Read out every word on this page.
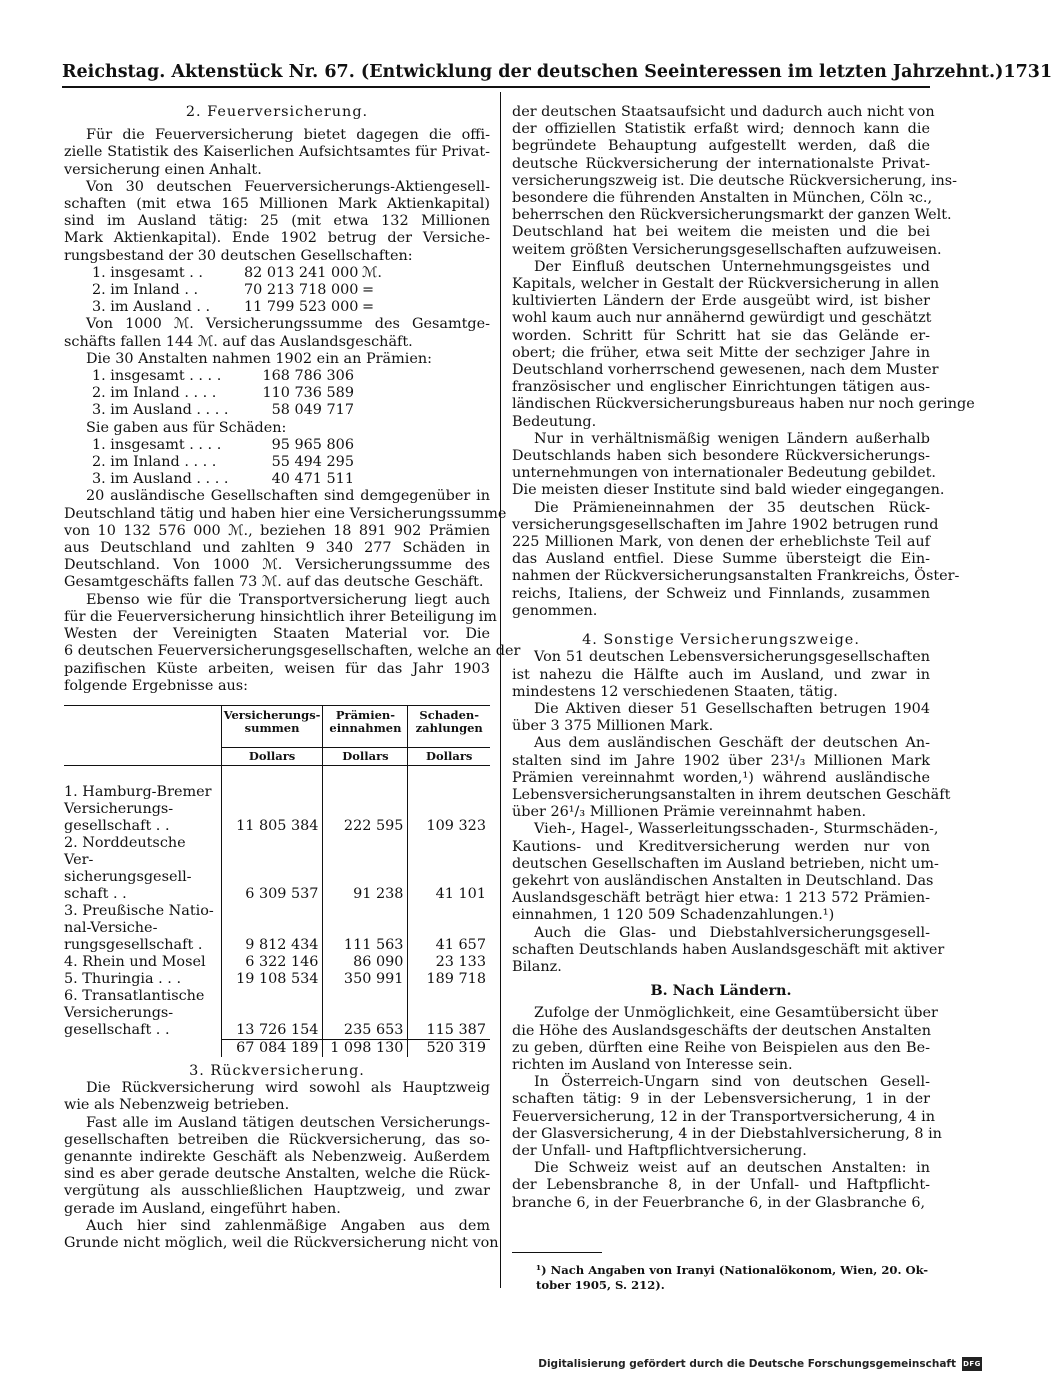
Reichstag. Aktenstück Nr. 67. (Entwicklung der deutschen Seeinteressen im letzten Jahrzehnt.) 1731
2. Feuerversicherung.
Für die Feuerversicherung bietet dagegen die offi-
zielle Statistik des Kaiserlichen Aufsichtsamtes für Privat-
versicherung einen Anhalt.
Von 30 deutschen Feuerversicherungs-Aktiengesell-
schaften (mit etwa 165 Millionen Mark Aktienkapital)
sind im Ausland tätig: 25 (mit etwa 132 Millionen
Mark Aktienkapital). Ende 1902 betrug der Versiche-
rungsbestand der 30 deutschen Gesellschaften:
1. insgesamt . .	82 013 241 000 ℳ.
2. im Inland . .	70 213 718 000 =
3. im Ausland . .	11 799 523 000 =
Von 1000 ℳ. Versicherungssumme des Gesamtge-
schäfts fallen 144 ℳ. auf das Auslandsgeschäft.
Die 30 Anstalten nahmen 1902 ein an Prämien:
1. insgesamt . . . .	168 786 306
2. im Inland . . . .	110 736 589
3. im Ausland . . . .	58 049 717
Sie gaben aus für Schäden:
1. insgesamt . . . .	95 965 806
2. im Inland . . . .	55 494 295
3. im Ausland . . . .	40 471 511
20 ausländische Gesellschaften sind demgegenüber in
Deutschland tätig und haben hier eine Versicherungssumme
von 10 132 576 000 ℳ., beziehen 18 891 902 Prämien
aus Deutschland und zahlten 9 340 277 Schäden in
Deutschland. Von 1000 ℳ. Versicherungssumme des
Gesamtgeschäfts fallen 73 ℳ. auf das deutsche Geschäft.
Ebenso wie für die Transportversicherung liegt auch
für die Feuerversicherung hinsichtlich ihrer Beteiligung im
Westen der Vereinigten Staaten Material vor. Die
6 deutschen Feuerversicherungsgesellschaften, welche an der
pazifischen Küste arbeiten, weisen für das Jahr 1903
folgende Ergebnisse aus:
	Versicherungs-summen	Prämien-einnahmen	Schaden-zahlungen
	Dollars	Dollars	Dollars

1. Hamburg-Bremer Versicherungs-gesellschaft . .	11 805 384	222 595	109 323
2. Norddeutsche Ver-sicherungsgesell-schaft . .	6 309 537	91 238	41 101
3. Preußische Natio-nal-Versiche-rungsgesellschaft .	9 812 434	111 563	41 657
4. Rhein und Mosel	6 322 146	86 090	23 133
5. Thuringia . . .	19 108 534	350 991	189 718
6. Transatlantische Versicherungs-gesellschaft . .	13 726 154	235 653	115 387
	67 084 189	1 098 130	520 319
3. Rückversicherung.
Die Rückversicherung wird sowohl als Hauptzweig
wie als Nebenzweig betrieben.
Fast alle im Ausland tätigen deutschen Versicherungs-
gesellschaften betreiben die Rückversicherung, das so-
genannte indirekte Geschäft als Nebenzweig. Außerdem
sind es aber gerade deutsche Anstalten, welche die Rück-
vergütung als ausschließlichen Hauptzweig, und zwar
gerade im Ausland, eingeführt haben.
Auch hier sind zahlenmäßige Angaben aus dem
Grunde nicht möglich, weil die Rückversicherung nicht von
der deutschen Staatsaufsicht und dadurch auch nicht von
der offiziellen Statistik erfaßt wird; dennoch kann die
begründete Behauptung aufgestellt werden, daß die
deutsche Rückversicherung der internationalste Privat-
versicherungszweig ist. Die deutsche Rückversicherung, ins-
besondere die führenden Anstalten in München, Cöln ꝛc.,
beherrschen den Rückversicherungsmarkt der ganzen Welt.
Deutschland hat bei weitem die meisten und die bei
weitem größten Versicherungsgesellschaften aufzuweisen.
Der Einfluß deutschen Unternehmungsgeistes und
Kapitals, welcher in Gestalt der Rückversicherung in allen
kultivierten Ländern der Erde ausgeübt wird, ist bisher
wohl kaum auch nur annähernd gewürdigt und geschätzt
worden. Schritt für Schritt hat sie das Gelände er-
obert; die früher, etwa seit Mitte der sechziger Jahre in
Deutschland vorherrschend gewesenen, nach dem Muster
französischer und englischer Einrichtungen tätigen aus-
ländischen Rückversicherungsbureaus haben nur noch geringe
Bedeutung.
Nur in verhältnismäßig wenigen Ländern außerhalb
Deutschlands haben sich besondere Rückversicherungs-
unternehmungen von internationaler Bedeutung gebildet.
Die meisten dieser Institute sind bald wieder eingegangen.
Die Prämieneinnahmen der 35 deutschen Rück-
versicherungsgesellschaften im Jahre 1902 betrugen rund
225 Millionen Mark, von denen der erheblichste Teil auf
das Ausland entfiel. Diese Summe übersteigt die Ein-
nahmen der Rückversicherungsanstalten Frankreichs, Öster-
reichs, Italiens, der Schweiz und Finnlands, zusammen
genommen.
4. Sonstige Versicherungszweige.
Von 51 deutschen Lebensversicherungsgesellschaften
ist nahezu die Hälfte auch im Ausland, und zwar in
mindestens 12 verschiedenen Staaten, tätig.
Die Aktiven dieser 51 Gesellschaften betrugen 1904
über 3 375 Millionen Mark.
Aus dem ausländischen Geschäft der deutschen An-
stalten sind im Jahre 1902 über 23¹/₃ Millionen Mark
Prämien vereinnahmt worden,¹) während ausländische
Lebensversicherungsanstalten in ihrem deutschen Geschäft
über 26¹/₃ Millionen Prämie vereinnahmt haben.
Vieh-, Hagel-, Wasserleitungsschaden-, Sturmschäden-,
Kautions- und Kreditversicherung werden nur von
deutschen Gesellschaften im Ausland betrieben, nicht um-
gekehrt von ausländischen Anstalten in Deutschland. Das
Auslandsgeschäft beträgt hier etwa: 1 213 572 Prämien-
einnahmen, 1 120 509 Schadenzahlungen.¹)
Auch die Glas- und Diebstahlversicherungsgesell-
schaften Deutschlands haben Auslandsgeschäft mit aktiver
Bilanz.
B. Nach Ländern.
Zufolge der Unmöglichkeit, eine Gesamtübersicht über
die Höhe des Auslandsgeschäfts der deutschen Anstalten
zu geben, dürften eine Reihe von Beispielen aus den Be-
richten im Ausland von Interesse sein.
In Österreich-Ungarn sind von deutschen Gesell-
schaften tätig: 9 in der Lebensversicherung, 1 in der
Feuerversicherung, 12 in der Transportversicherung, 4 in
der Glasversicherung, 4 in der Diebstahlversicherung, 8 in
der Unfall- und Haftpflichtversicherung.
Die Schweiz weist auf an deutschen Anstalten: in
der Lebensbranche 8, in der Unfall- und Haftpflicht-
branche 6, in der Feuerbranche 6, in der Glasbranche 6,
¹) Nach Angaben von Iranyi (Nationalökonom, Wien, 20. Ok-
tober 1905, S. 212).
Digitalisierung gefördert durch die Deutsche Forschungsgemeinschaft DFG
